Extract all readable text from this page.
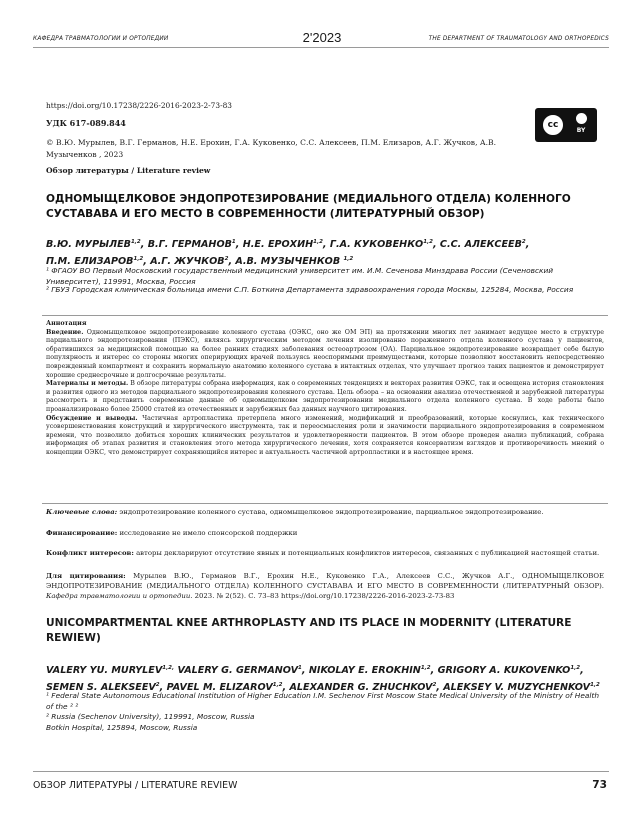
КАФЕДРА ТРАВМАТОЛОГИИ И ОРТОПЕДИИ	2'2023	THE DEPARTMENT OF TRAUMATOLOGY AND ORTHOPEDICS
https://doi.org/10.17238/2226-2016-2023-2-73-83
УДК 617-089.844
© В.Ю. Мурылев, В.Г. Германов, Н.Е. Ерохин, Г.А. Куковенко, С.С. Алексеев, П.М. Елизаров, А.Г. Жучков, А.В. Музыченков , 2023
Обзор литературы / Literature review
cc
BY
ОДНОМЫЩЕЛКОВОЕ ЭНДОПРОТЕЗИРОВАНИЕ (МЕДИАЛЬНОГО ОТДЕЛА) КОЛЕННОГО СУСТАВАВА И ЕГО МЕСТО В СОВРЕМЕННОСТИ (ЛИТЕРАТУРНЫЙ ОБЗОР)
В.Ю. МУРЫЛЕВ$^{1,2}$, В.Г. ГЕРМАНОВ$^1$, Н.Е. ЕРОХИН$^{1,2}$, Г.А. КУКОВЕНКО$^{1,2}$, С.С. АЛЕКСЕЕВ$^2$,
П.М. ЕЛИЗАРОВ$^{1,2}$, А.Г. ЖУЧКОВ$^2$, А.В. МУЗЫЧЕНКОВ $^{1,2}$
¹ ФГАОУ ВО Первый Московский государственный медицинский университет им. И.М. Сеченова Минздрава России (Сеченовский Университет), 119991, Москва, Россия
² ГБУЗ Городская клиническая больница имени С.П. Боткина Департамента здравоохранения города Москвы, 125284, Москва, Россия
Аннотация
Введение. Одномыщелковое эндопротезирование коленного сустава (ОЭКС, оно же ОМ ЭП) на протяжении многих лет занимает ведущее место в структуре парциального эндопротезирования (ПЭКС), являясь хирургическим методом лечения изолированно пораженного отдела коленного сустава у пациентов, обратившихся за медицинской помощью на более ранних стадиях заболевания остеоартрозом (ОА). Парциальное эндопротезирование возвращает себе былую популярность и интерес со стороны многих оперирующих врачей пользуясь неоспоримыми преимуществами, которые позволяют восстановить непосредственно поврежденный компартмент и сохранить нормальную анатомию коленного сустава в интактных отделах, что улучшает прогноз таких пациентов и демонстрирует хорошие среднесрочные и долгосрочные результаты.
Материалы и методы. В обзоре литературы собрана информация, как о современных тенденциях и векторах развития ОЭКС, так и освещена история становления и развития одного из методов парциального эндопротезирования коленного сустава. Цель обзора – на основании анализа отечественной и зарубежной литературы рассмотреть и представить современные данные об одномыщелковм эндопротезировании медиального отдела коленного сустава. В ходе работы было проанализировано более 25000 статей из отечественных и зарубежных баз данных научного цитирования.
Обсуждение и выводы. Частичная артропластика претерпела много изменений, модификаций и преобразований, которые коснулись, как технического усовершенствования конструкций и хирургического инструмента, так и переосмысления роли и значимости парциального эндопротезирования в современном времени, что позволило добиться хороших клинических результатов и удовлетворенности пациентов. В этом обзоре проведен анализ публикаций, собрана информация об этапах развития и становления этого метода хирургического лечения, хотя сохраняется консерватизм взглядов и противоречивость мнений о концепции ОЭКС, что демонстрирует сохраняющийся интерес и актуальность частичной артропластики и в настоящее время.
Ключевые слова: эндопротезирование коленного сустава, одномыщелковое эндопротезирование, парциальное эндопротезирование.
Финансирование: исследование не имело спонсорской поддержки
Конфликт интересов: авторы декларируют отсутствие явных и потенциальных конфликтов интересов, связанных с публикацией настоящей статьи.
Для цитирования: Мурылев В.Ю., Германов В.Г., Ерохин Н.Е., Куковенко Г.А., Алексеев С.С., Жучков А.Г., ОДНОМЫЩЕЛКОВОЕ ЭНДОПРОТЕЗИРОВАНИЕ (МЕДИАЛЬНОГО ОТДЕЛА) КОЛЕННОГО СУСТАВАВА И ЕГО МЕСТО В СОВРЕМЕННОСТИ (ЛИТЕРАТУРНЫЙ ОБЗОР). Кафедра травматологии и ортопедии. 2023. № 2(52). С. 73–83 https://doi.org/10.17238/2226-2016-2023-2-73-83
UNICOMPARTMENTAL KNEE ARTHROPLASTY AND ITS PLACE IN MODERNITY (LITERATURE REWIEW)
VALERY YU. $MURYLEV^{1,2,}$ VALERY G. GERMANOV$^1$, NIKOLAY E. EROKHIN$^{1,2}$, GRIGORY A. KUKOVENKO$^{1,2}$,
SEMEN S. ALEKSEEV$^2$, PAVEL M. ELIZAROV$^{1,2}$, ALEXANDER G. ZHUCHKOV$^2$, ALEKSEY V. MUZYCHENKOV$^{1,2}$
¹ Federal State Autonomous Educational Institution of Higher Education I.M. Sechenov First Moscow State Medical University of the Ministry of Health of the ² ²
² Russia (Sechenov University), 119991, Moscow, Russia
Botkin Hospital, 125894, Moscow, Russia
ОБЗОР ЛИТЕРАТУРЫ / LITERATURE REVIEW	73
